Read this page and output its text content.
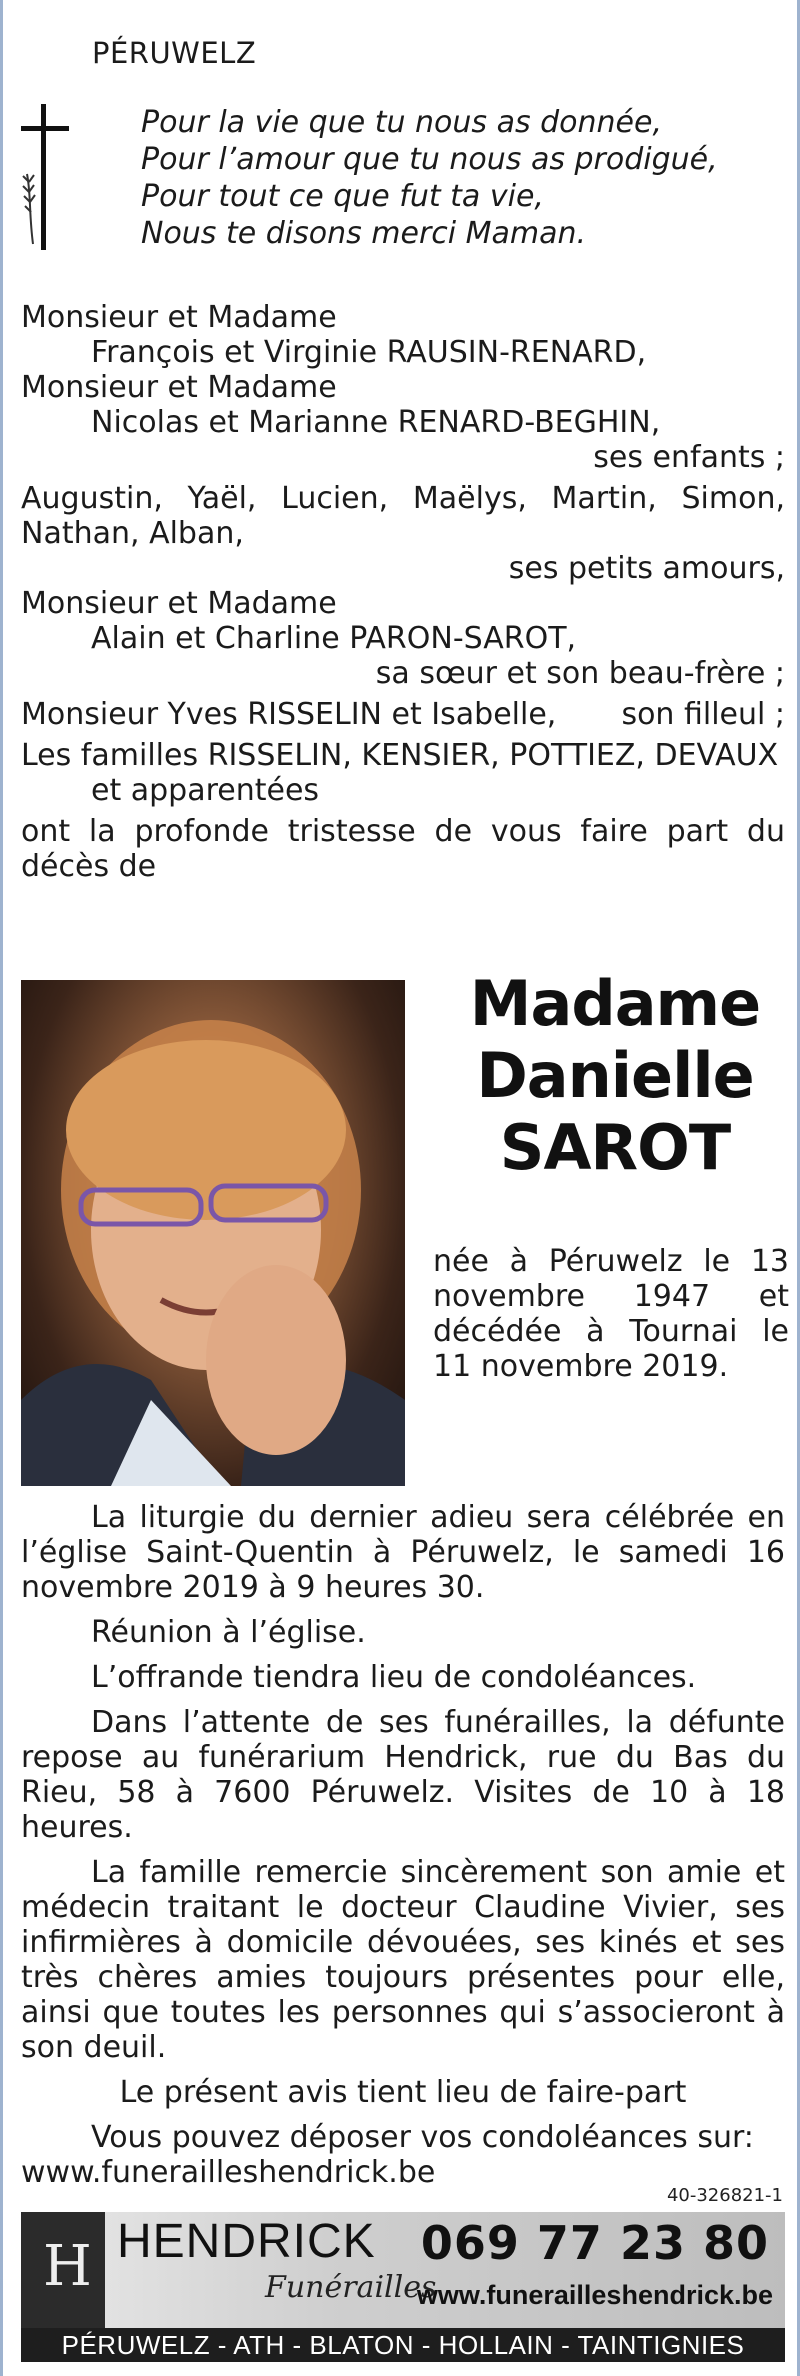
PÉRUWELZ
Pour la vie que tu nous as donnée,
Pour l’amour que tu nous as prodigué,
Pour tout ce que fut ta vie,
Nous te disons merci Maman.
Monsieur et Madame
François et Virginie RAUSIN-RENARD,
Monsieur et Madame
Nicolas et Marianne RENARD-BEGHIN,
ses enfants ;
Augustin, Yaël, Lucien, Maëlys, Martin, Simon,
Nathan, Alban,
ses petits amours,
Monsieur et Madame
Alain et Charline PARON-SAROT,
sa sœur et son beau-frère ;
Monsieur Yves RISSELIN et Isabelle, son filleul ;
Les familles RISSELIN, KENSIER, POTTIEZ, DEVAUX
et apparentées
ont la profonde tristesse de vous faire part du
décès de
Madame
Danielle
SAROT
née à Péruwelz le 13 novembre 1947 et décédée à Tournai le 11 novembre 2019.

La liturgie du dernier adieu sera célébrée en l’église Saint-Quentin à Péruwelz, le samedi 16 novembre 2019 à 9 heures 30.

Réunion à l’église.

L’offrande tiendra lieu de condoléances.

Dans l’attente de ses funérailles, la défunte repose au funérarium Hendrick, rue du Bas du Rieu, 58 à 7600 Péruwelz. Visites de 10 à 18 heures.

La famille remercie sincèrement son amie et médecin traitant le docteur Claudine Vivier, ses infirmières à domicile dévouées, ses kinés et ses très chères amies toujours présentes pour elle, ainsi que toutes les personnes qui s’associeront à son deuil.

Le présent avis tient lieu de faire-part

Vous pouvez déposer vos condoléances sur:

www.funerailleshendrick.be

40-326821-1
H HENDRICK
Funérailles
069 77 23 80
www.funerailleshendrick.be
PÉRUWELZ - ATH - BLATON - HOLLAIN - TAINTIGNIES
